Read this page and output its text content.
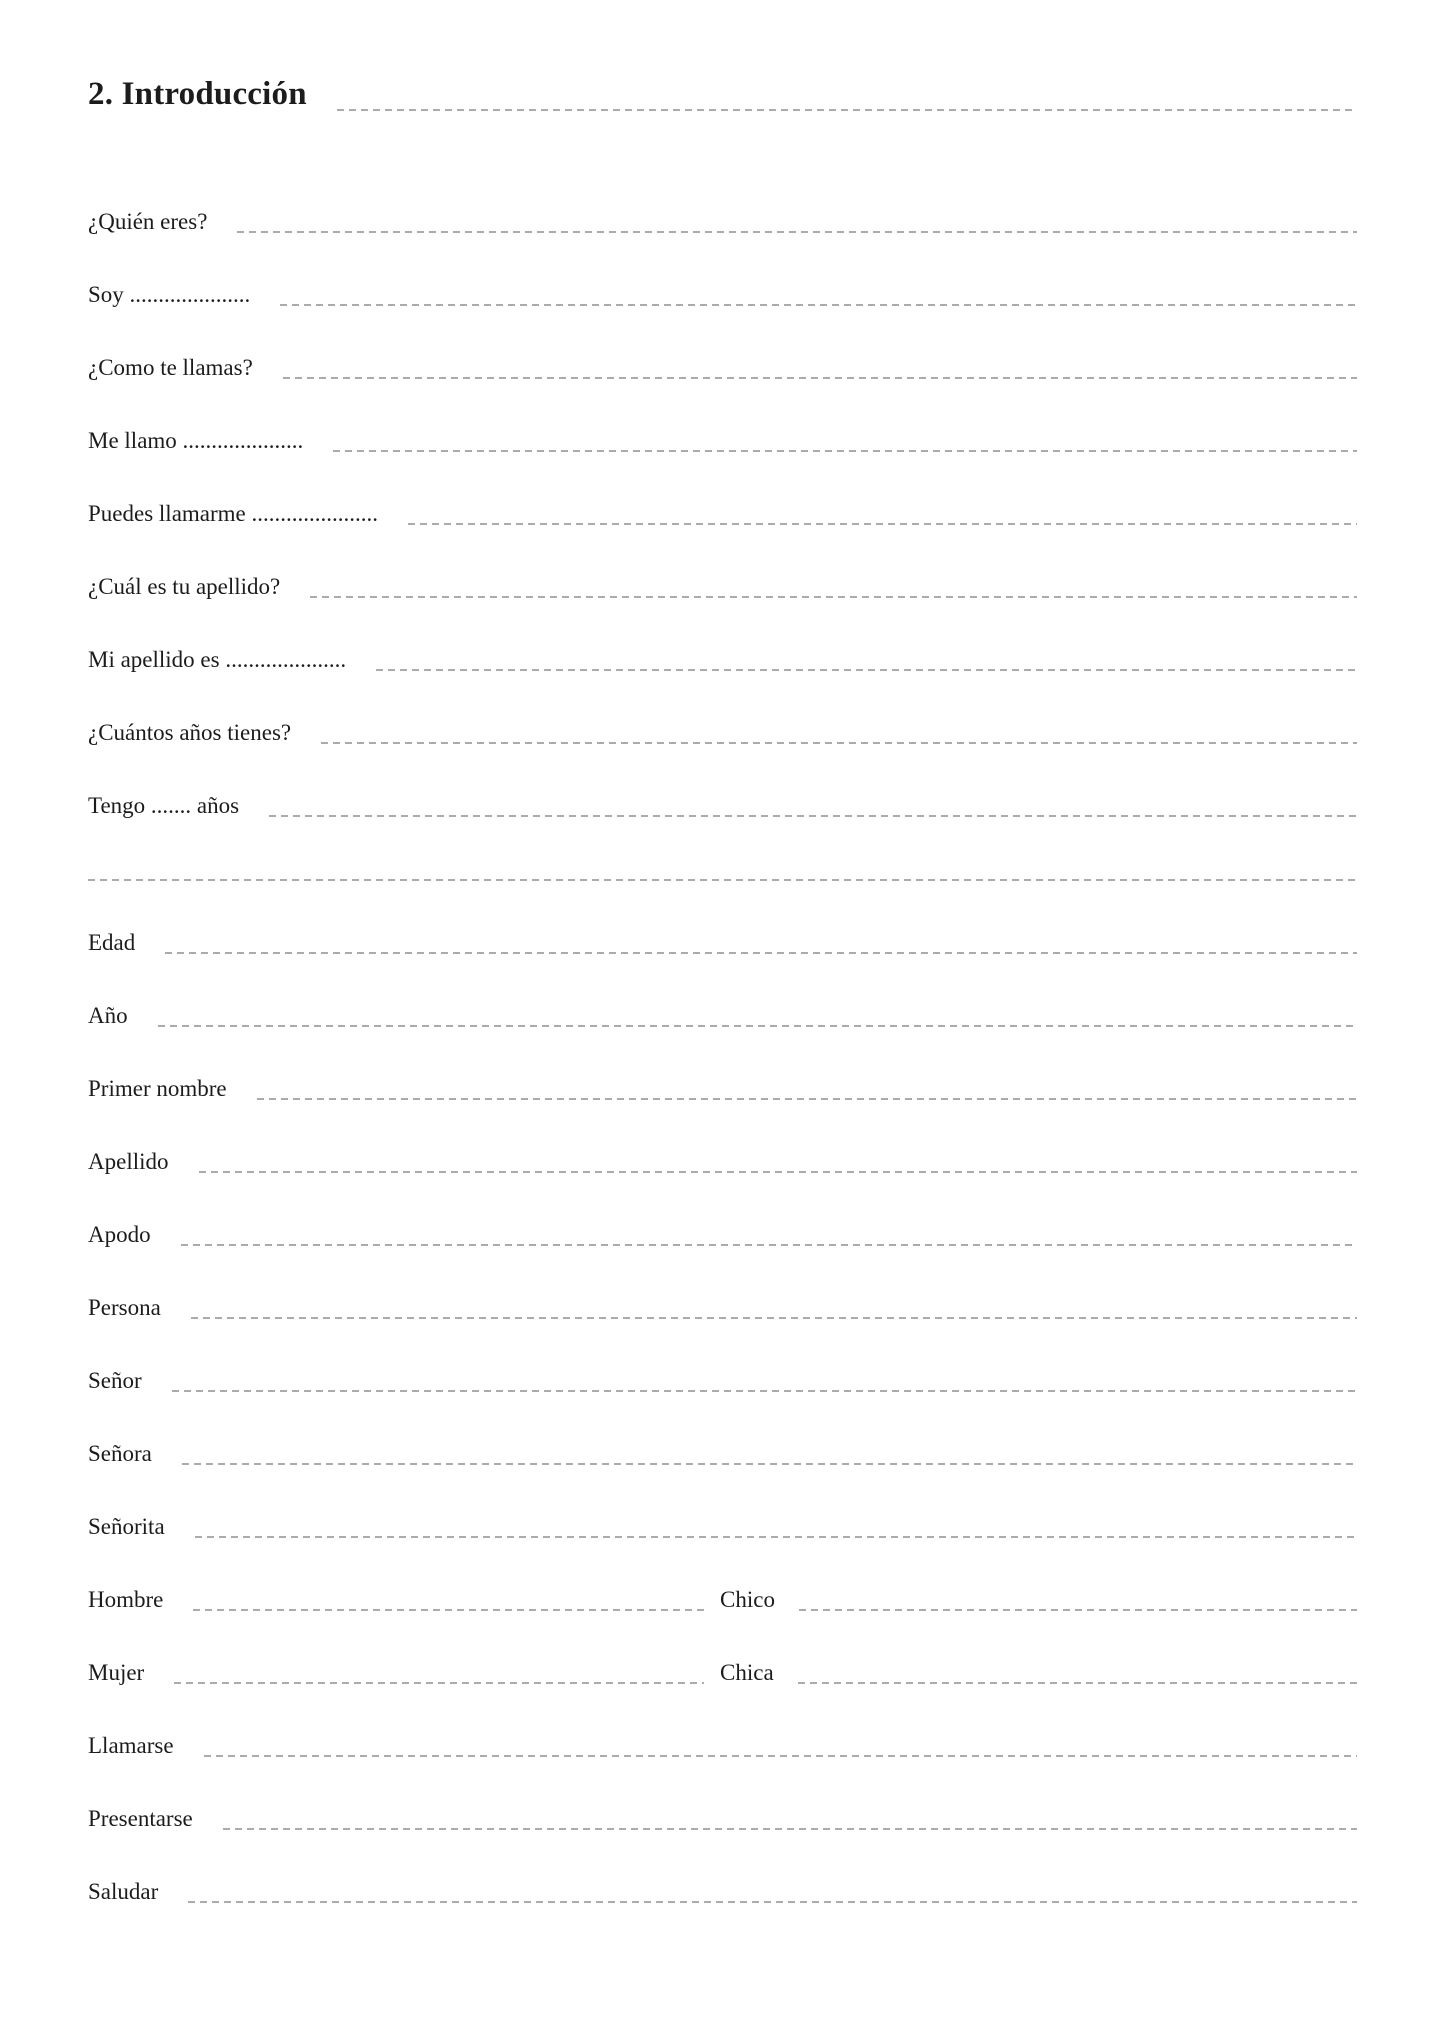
2. Introducción
¿Quién eres?
Soy .....................
¿Como te llamas?
Me llamo .....................
Puedes llamarme ......................
¿Cuál es tu apellido?
Mi apellido es .....................
¿Cuántos años tienes?
Tengo ....... años
Edad
Año
Primer nombre
Apellido
Apodo
Persona
Señor
Señora
Señorita
Hombre	Chico
Mujer	Chica
Llamarse
Presentarse
Saludar
